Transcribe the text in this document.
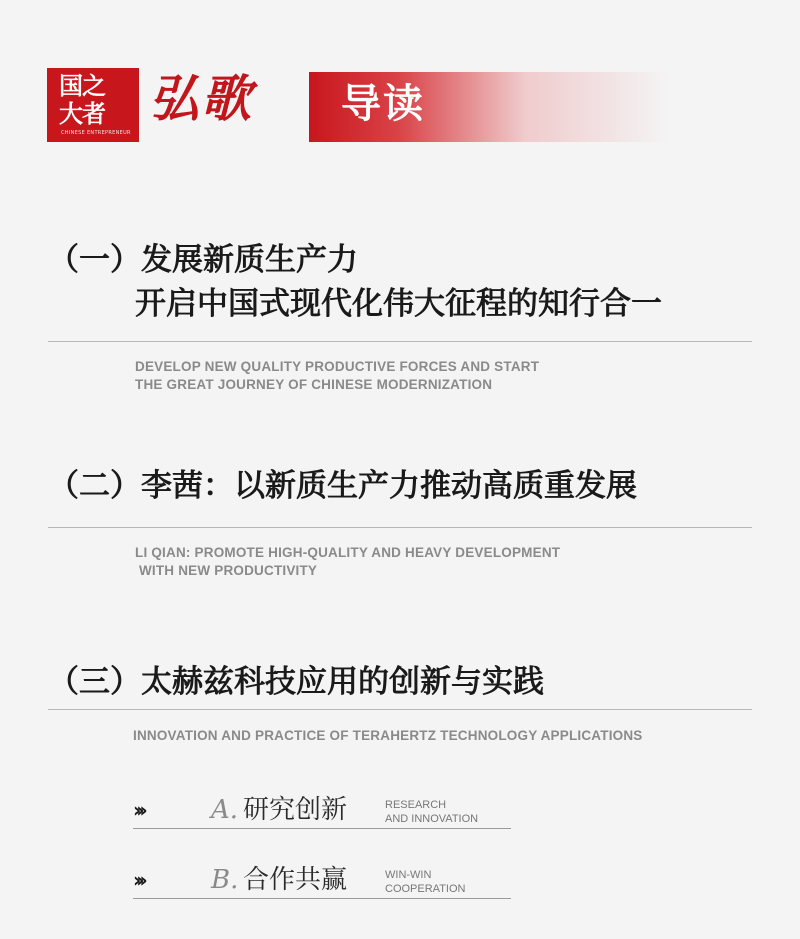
国之
大者
CHINESE ENTREPRENEUR
弘歌 导读
（一）发展新质生产力
开启中国式现代化伟大征程的知行合一
DEVELOP NEW QUALITY PRODUCTIVE FORCES AND START
THE GREAT JOURNEY OF CHINESE MODERNIZATION
（二）李茜：以新质生产力推动高质重发展
LI QIAN: PROMOTE HIGH-QUALITY AND HEAVY DEVELOPMENT
WITH NEW PRODUCTIVITY
（三）太赫兹科技应用的创新与实践
INNOVATION AND PRACTICE OF TERAHERTZ TECHNOLOGY APPLICATIONS
›››	A. 研究创新	RESEARCH
AND INNOVATION
›››	B. 合作共赢	WIN-WIN
COOPERATION
